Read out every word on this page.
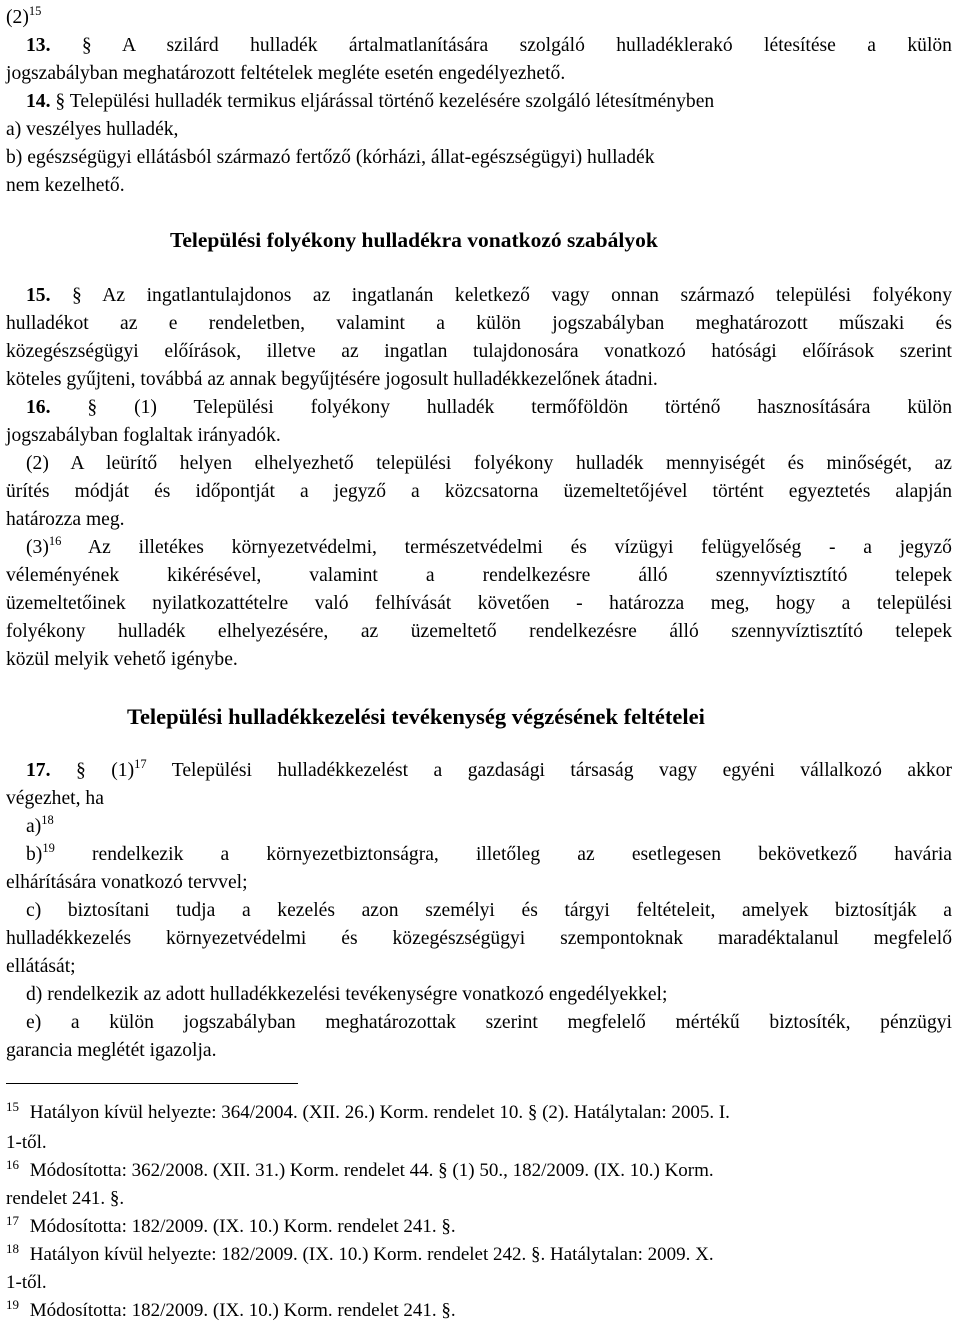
$(2)^{15}$
13. § A szilárd hulladék ártalmatlanítására szolgáló hulladéklerakó létesítése a külön
jogszabályban meghatározott feltételek megléte esetén engedélyezhető.
14. § Települési hulladék termikus eljárással történő kezelésére szolgáló létesítményben
a) veszélyes hulladék,
b) egészségügyi ellátásból származó fertőző (kórházi, állat-egészségügyi) hulladék
nem kezelhető.
Települési folyékony hulladékra vonatkozó szabályok
15. § Az ingatlantulajdonos az ingatlanán keletkező vagy onnan származó települési folyékony
hulladékot az e rendeletben, valamint a külön jogszabályban meghatározott műszaki és
közegészségügyi előírások, illetve az ingatlan tulajdonosára vonatkozó hatósági előírások szerint
köteles gyűjteni, továbbá az annak begyűjtésére jogosult hulladékkezelőnek átadni.
16. § (1) Települési folyékony hulladék termőföldön történő hasznosítására külön
jogszabályban foglaltak irányadók.
(2) A leürítő helyen elhelyezhető települési folyékony hulladék mennyiségét és minőségét, az
ürítés módját és időpontját a jegyző a közcsatorna üzemeltetőjével történt egyeztetés alapján
határozza meg.
$(3)^{16}$ Az illetékes környezetvédelmi, természetvédelmi és vízügyi felügyelőség - a jegyző
véleményének kikérésével, valamint a rendelkezésre álló szennyvíztisztító telepek
üzemeltetőinek nyilatkozattételre való felhívását követően - határozza meg, hogy a települési
folyékony hulladék elhelyezésére, az üzemeltető rendelkezésre álló szennyvíztisztító telepek
közül melyik vehető igénybe.
Települési hulladékkezelési tevékenység végzésének feltételei
17. § $(1)^{17}$ Települési hulladékkezelést a gazdasági társaság vagy egyéni vállalkozó akkor
végezhet, ha
a)$^{18}$
b)$^{19}$ rendelkezik a környezetbiztonságra, illetőleg az esetlegesen bekövetkező havária
elhárítására vonatkozó tervvel;
c) biztosítani tudja a kezelés azon személyi és tárgyi feltételeit, amelyek biztosítják a
hulladékkezelés környezetvédelmi és közegészségügyi szempontoknak maradéktalanul megfelelő
ellátását;
d) rendelkezik az adott hulladékkezelési tevékenységre vonatkozó engedélyekkel;
e) a külön jogszabályban meghatározottak szerint megfelelő mértékű biztosíték, pénzügyi
garancia meglétét igazolja.
$^{15}$ Hatályon kívül helyezte: 364/2004. (XII. 26.) Korm. rendelet 10. § (2). Hatálytalan: 2005. I.
1-től.
$^{16}$ Módosította: 362/2008. (XII. 31.) Korm. rendelet 44. § (1) 50., 182/2009. (IX. 10.) Korm.
rendelet 241. §.
$^{17}$ Módosította: 182/2009. (IX. 10.) Korm. rendelet 241. §.
$^{18}$ Hatályon kívül helyezte: 182/2009. (IX. 10.) Korm. rendelet 242. §. Hatálytalan: 2009. X.
1-től.
$^{19}$ Módosította: 182/2009. (IX. 10.) Korm. rendelet 241. §.
